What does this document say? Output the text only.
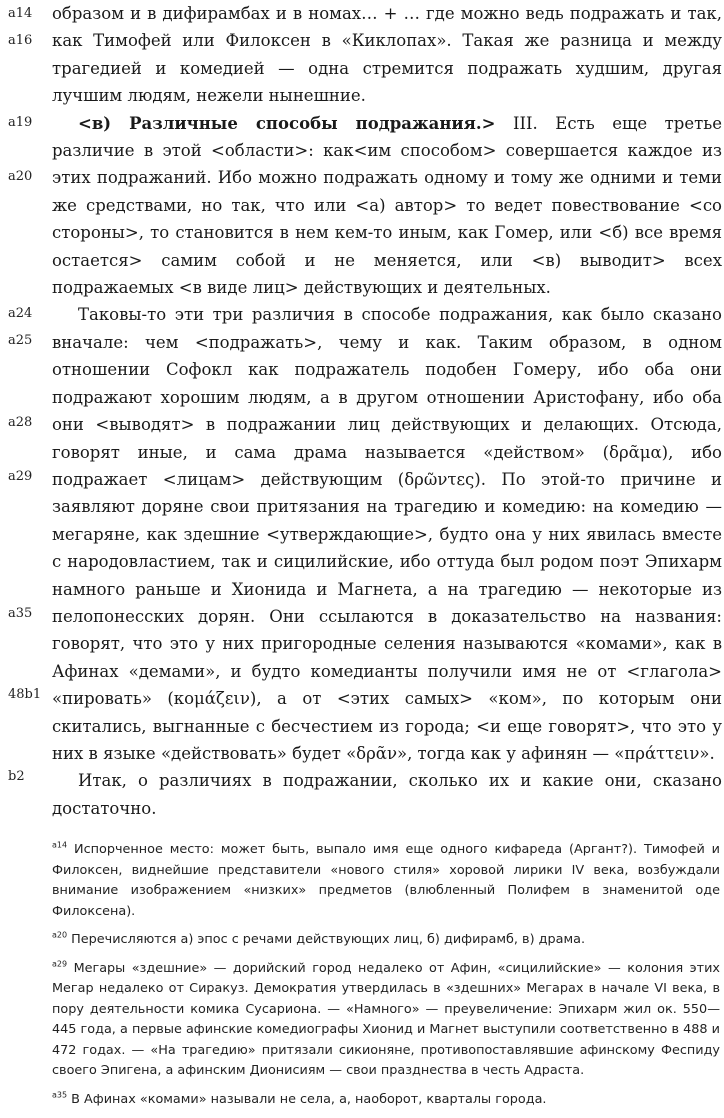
a14
a16
a19
a20
a24
a25
a28
a29
a35
48b1
b2

образом и в дифирамбах и в номах… + … где можно ведь подражать и так, как Тимофей или Филоксен в «Киклопах». Такая же разница и между трагедией и комедией — одна стремится подражать худшим, другая лучшим людям, нежели нынешние.

<в) Различные способы подражания.> III. Есть еще третье различие в этой <области>: как<им способом> совершается каждое из этих подражаний. Ибо можно подражать одному и тому же одними и теми же средствами, но так, что или <а) автор> то ведет повествование <со стороны>, то становится в нем кем-то иным, как Гомер, или <б) все время остается> самим собой и не меняется, или <в) выводит> всех подражаемых <в виде лиц> действующих и деятельных.

Таковы-то эти три различия в способе подражания, как было сказано вначале: чем <подражать>, чему и как. Таким образом, в одном отношении Софокл как подражатель подобен Гомеру, ибо оба они подражают хорошим людям, а в другом отношении Аристофану, ибо оба они <выводят> в подражании лиц действующих и делающих. Отсюда, говорят иные, и сама драма называется «действом» (δρᾶμα), ибо подражает <лицам> действующим (δρῶντες). По этой-то причине и заявляют доряне свои притязания на трагедию и комедию: на комедию — мегаряне, как здешние <утверждающие>, будто она у них явилась вместе с народовластием, так и сицилийские, ибо оттуда был родом поэт Эпихарм намного раньше и Хионида и Магнета, а на трагедию — некоторые из пелопонесских дорян. Они ссылаются в доказательство на названия: говорят, что это у них пригородные селения называются «комами», как в Афинах «демами», и будто комедианты получили имя не от <глагола> «пировать» (κομάζειν), а от <этих самых> «ком», по которым они скитались, выгнанные с бесчестием из города; <и еще говорят>, что это у них в языке «действовать» будет «δρᾶν», тогда как у афинян — «πράττειν».

Итак, о различиях в подражании, сколько их и какие они, сказано достаточно.

$^{a14}$ Испорченное место: может быть, выпало имя еще одного кифареда (Аргант?). Тимофей и Филоксен, виднейшие представители «нового стиля» хоровой лирики IV века, возбуждали внимание изображением «низких» предметов (влюбленный Полифем в знаменитой оде Филоксена).

$^{a20}$ Перечисляются а) эпос с речами действующих лиц, б) дифирамб, в) драма.

$^{a29}$ Мегары «здешние» — дорийский город недалеко от Афин, «сицилийские» — колония этих Мегар недалеко от Сиракуз. Демократия утвердилась в «здешних» Мегарах в начале VI века, в пору деятельности комика Сусариона. — «Намного» — преувеличение: Эпихарм жил ок. 550—445 года, а первые афинские комедиографы Хионид и Магнет выступили соответственно в 488 и 472 годах. — «На трагедию» притязали сикионяне, противопоставлявшие афинскому Феспиду своего Эпигена, а афинским Дионисиям — свои празднества в честь Адраста.

$^{a35}$ В Афинах «комами» называли не села, а, наоборот, кварталы города.
